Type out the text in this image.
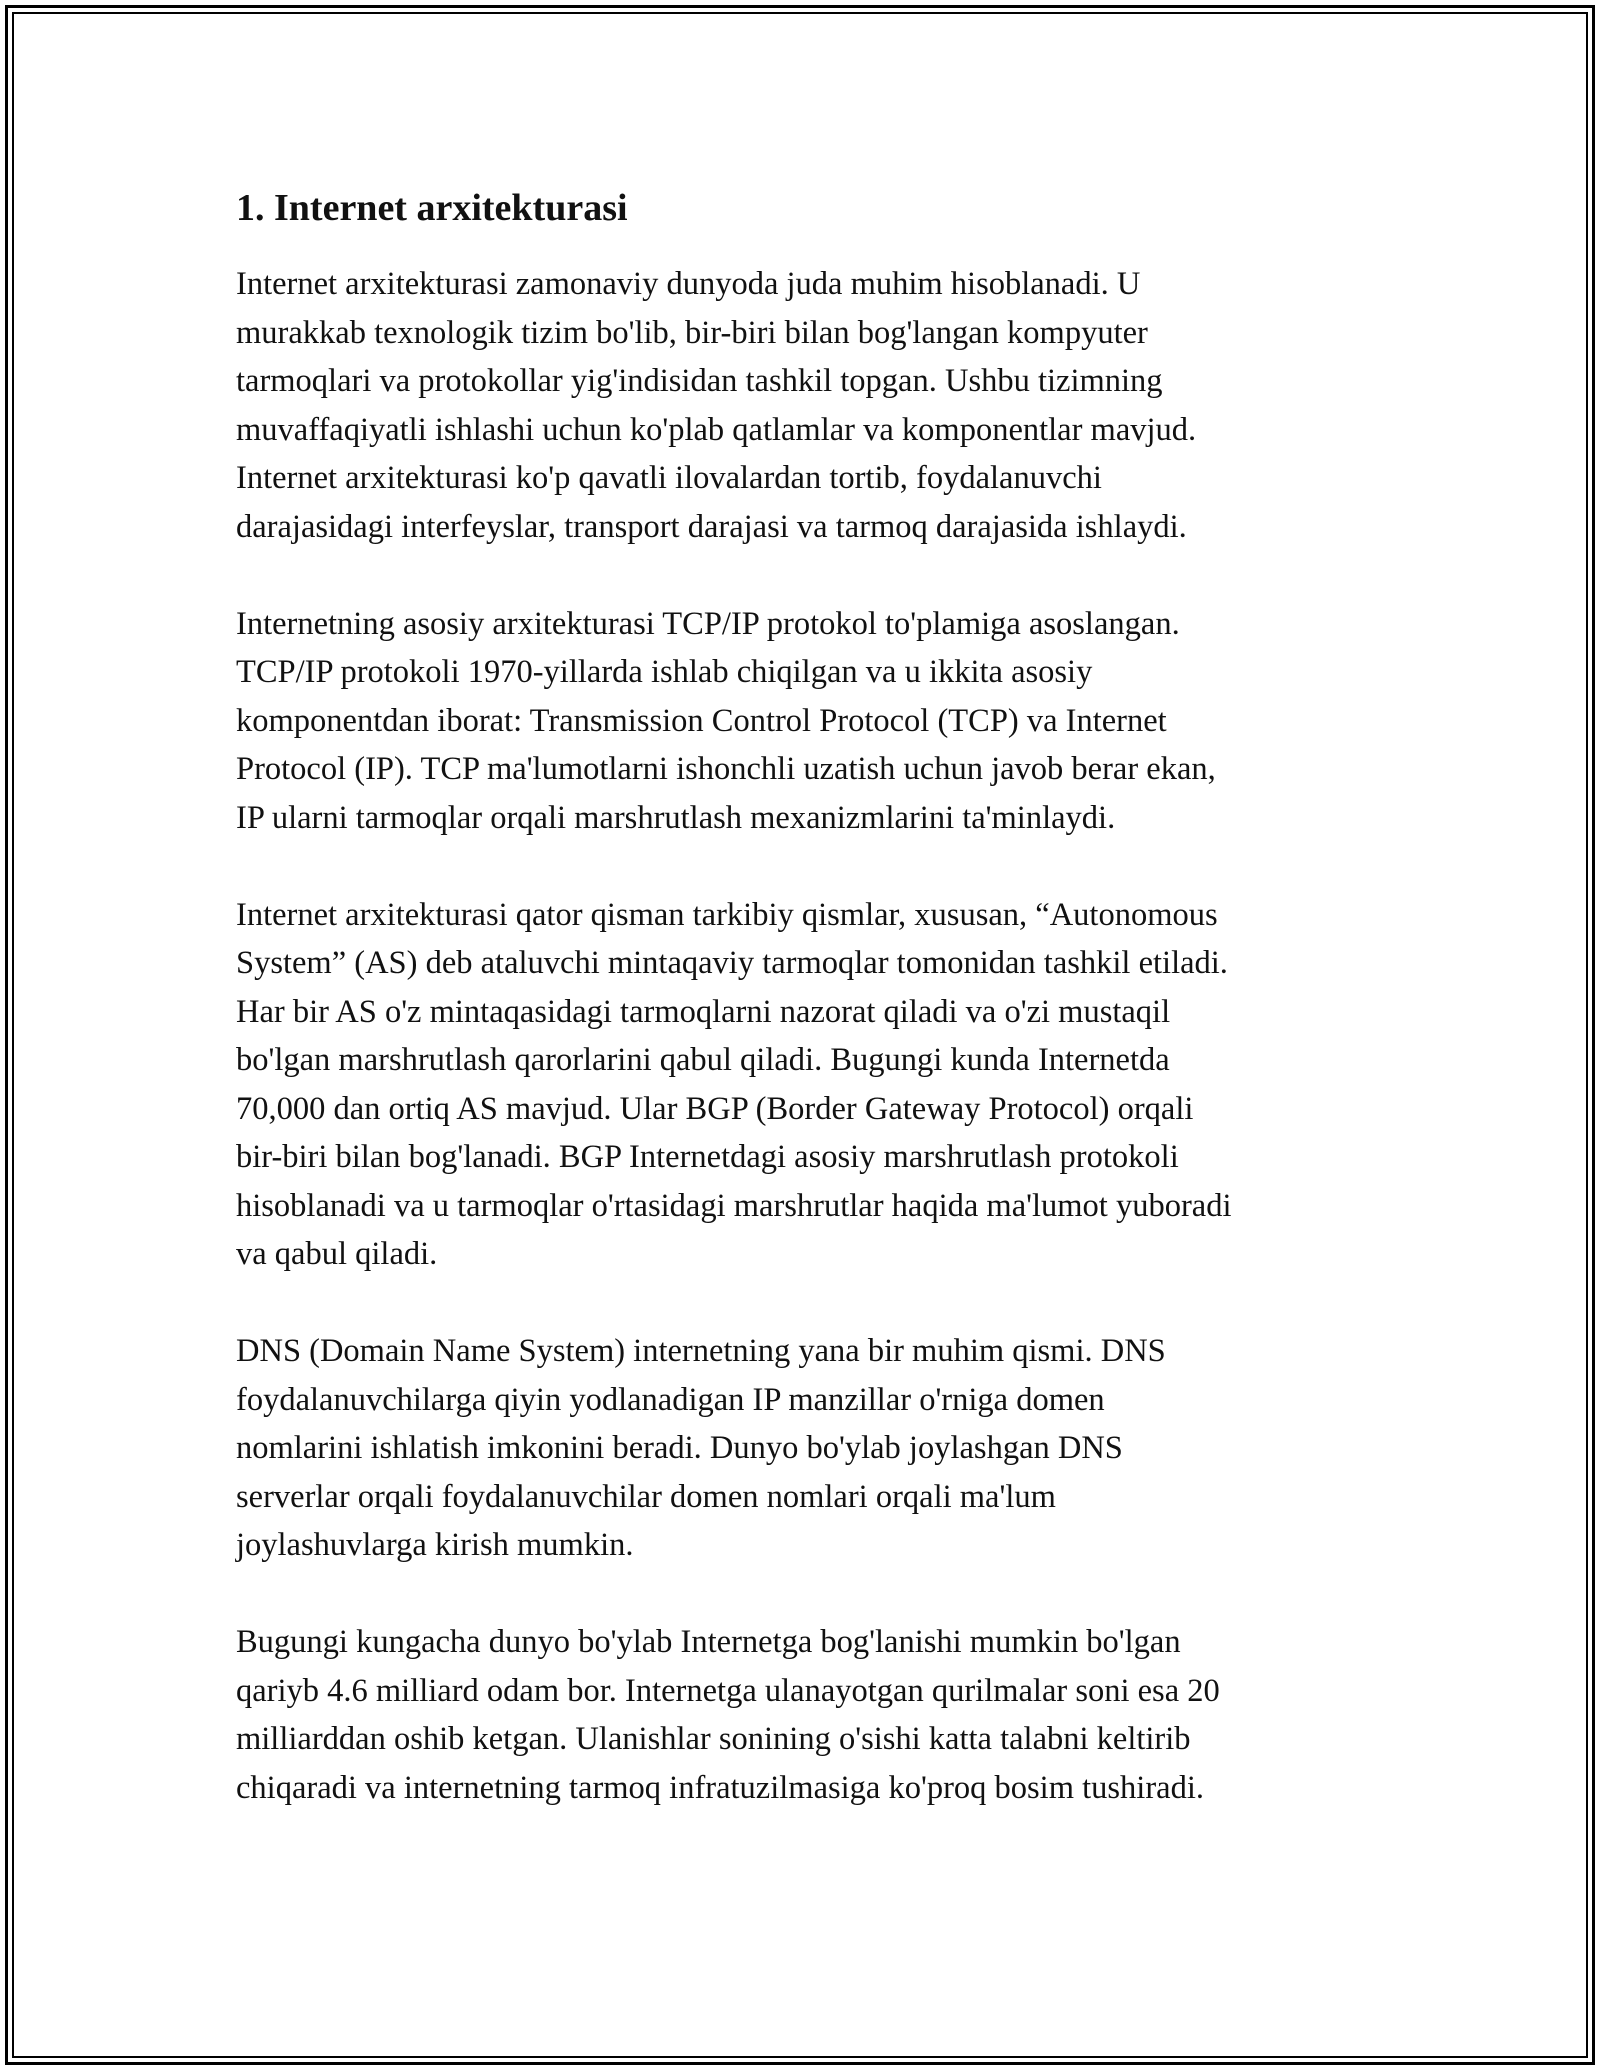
1. Internet arxitekturasi

Internet arxitekturasi zamonaviy dunyoda juda muhim hisoblanadi. U
murakkab texnologik tizim bo'lib, bir-biri bilan bog'langan kompyuter
tarmoqlari va protokollar yig'indisidan tashkil topgan. Ushbu tizimning
muvaffaqiyatli ishlashi uchun ko'plab qatlamlar va komponentlar mavjud.
Internet arxitekturasi ko'p qavatli ilovalardan tortib, foydalanuvchi
darajasidagi interfeyslar, transport darajasi va tarmoq darajasida ishlaydi.

Internetning asosiy arxitekturasi TCP/IP protokol to'plamiga asoslangan.
TCP/IP protokoli 1970-yillarda ishlab chiqilgan va u ikkita asosiy
komponentdan iborat: Transmission Control Protocol (TCP) va Internet
Protocol (IP). TCP ma'lumotlarni ishonchli uzatish uchun javob berar ekan,
IP ularni tarmoqlar orqali marshrutlash mexanizmlarini ta'minlaydi.

Internet arxitekturasi qator qisman tarkibiy qismlar, xususan, “Autonomous
System” (AS) deb ataluvchi mintaqaviy tarmoqlar tomonidan tashkil etiladi.
Har bir AS o'z mintaqasidagi tarmoqlarni nazorat qiladi va o'zi mustaqil
bo'lgan marshrutlash qarorlarini qabul qiladi. Bugungi kunda Internetda
70,000 dan ortiq AS mavjud. Ular BGP (Border Gateway Protocol) orqali
bir-biri bilan bog'lanadi. BGP Internetdagi asosiy marshrutlash protokoli
hisoblanadi va u tarmoqlar o'rtasidagi marshrutlar haqida ma'lumot yuboradi
va qabul qiladi.

DNS (Domain Name System) internetning yana bir muhim qismi. DNS
foydalanuvchilarga qiyin yodlanadigan IP manzillar o'rniga domen
nomlarini ishlatish imkonini beradi. Dunyo bo'ylab joylashgan DNS
serverlar orqali foydalanuvchilar domen nomlari orqali ma'lum
joylashuvlarga kirish mumkin.

Bugungi kungacha dunyo bo'ylab Internetga bog'lanishi mumkin bo'lgan
qariyb 4.6 milliard odam bor. Internetga ulanayotgan qurilmalar soni esa 20
milliarddan oshib ketgan. Ulanishlar sonining o'sishi katta talabni keltirib
chiqaradi va internetning tarmoq infratuzilmasiga ko'proq bosim tushiradi.
